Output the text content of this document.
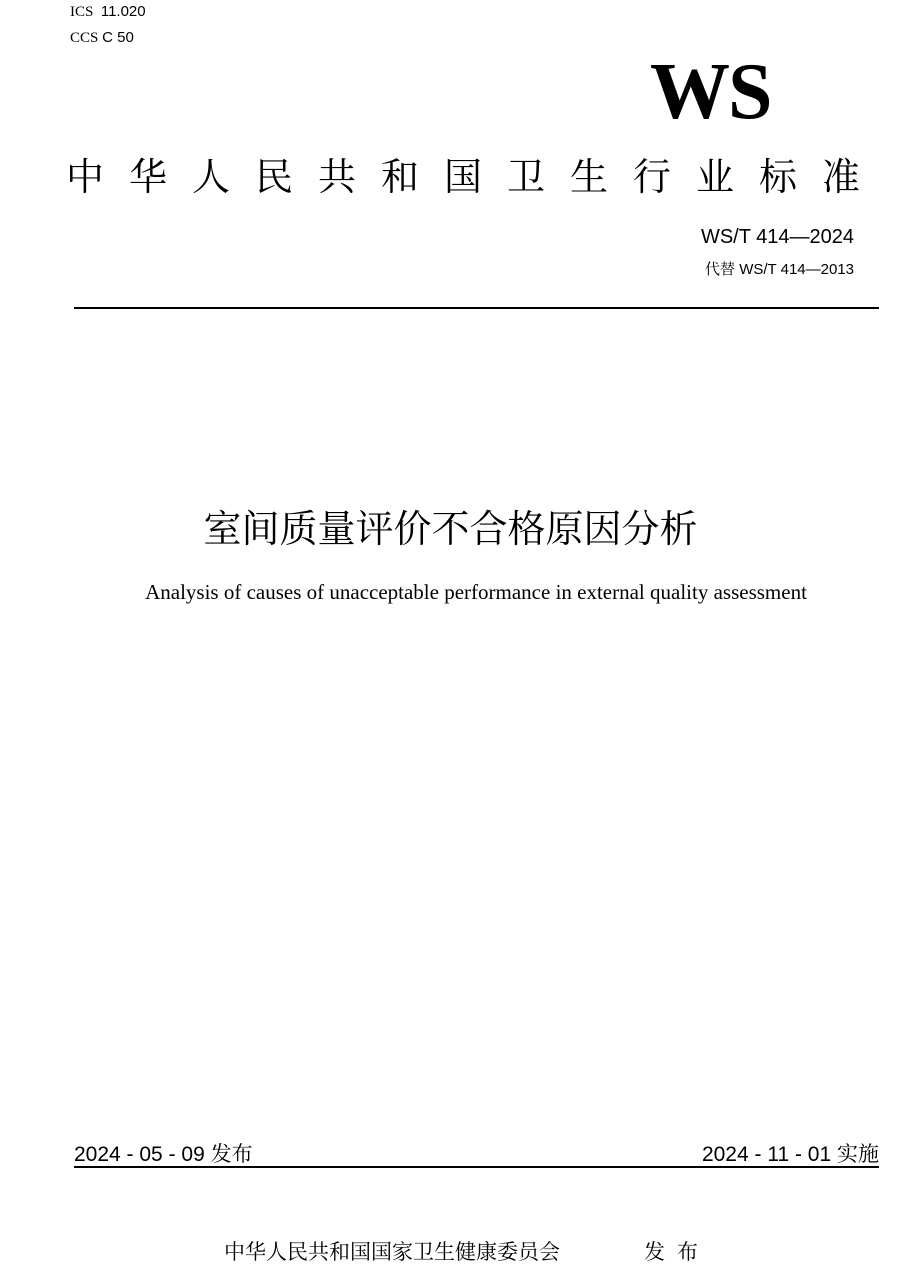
ICS 11.020
CCS C 50
WS
中华人民共和国卫生行业标准
WS/T 414—2024
代替 WS/T 414—2013
室间质量评价不合格原因分析
Analysis of causes of unacceptable performance in external quality assessment
2024 - 05 - 09 发布	2024 - 11 - 01 实施
中华人民共和国国家卫生健康委员会	发布
